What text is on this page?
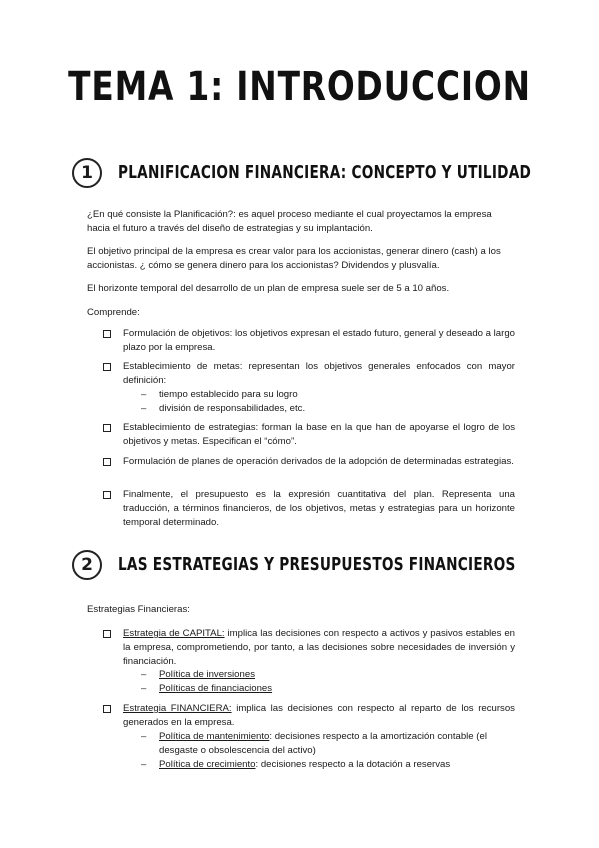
TEMA 1: INTRODUCCION
1	PLANIFICACION FINANCIERA: CONCEPTO Y UTILIDAD

¿En qué consiste la Planificación?: es aquel proceso mediante el cual proyectamos la empresa hacia el futuro a través del diseño de estrategias y su implantación.

El objetivo principal de la empresa es crear valor para los accionistas, generar dinero (cash) a los accionistas. ¿ cómo se genera dinero para los accionistas? Dividendos y plusvalía.

El horizonte temporal del desarrollo de un plan de empresa suele ser de 5 a 10 años.

Comprende:

Formulación de objetivos: los objetivos expresan el estado futuro, general y deseado a largo plazo por la empresa.

Establecimiento de metas: representan los objetivos generales enfocados con mayor definición:

– tiempo establecido para su logro

– división de responsabilidades, etc.

Establecimiento de estrategias: forman la base en la que han de apoyarse el logro de los objetivos y metas. Especifican el “cómo”.

Formulación de planes de operación derivados de la adopción de determinadas estrategias.

Finalmente, el presupuesto es la expresión cuantitativa del plan. Representa una traducción, a términos financieros, de los objetivos, metas y estrategias para un horizonte temporal determinado.

2	LAS ESTRATEGIAS Y PRESUPUESTOS FINANCIEROS

Estrategias Financieras:

Estrategia de CAPITAL: implica las decisiones con respecto a activos y pasivos estables en la empresa, comprometiendo, por tanto, a las decisiones sobre necesidades de inversión y financiación.

– Política de inversiones

– Políticas de financiaciones

Estrategia FINANCIERA: implica las decisiones con respecto al reparto de los recursos generados en la empresa.

– Política de mantenimiento: decisiones respecto a la amortización contable (el desgaste o obsolescencia del activo)

– Política de crecimiento: decisiones respecto a la dotación a reservas
